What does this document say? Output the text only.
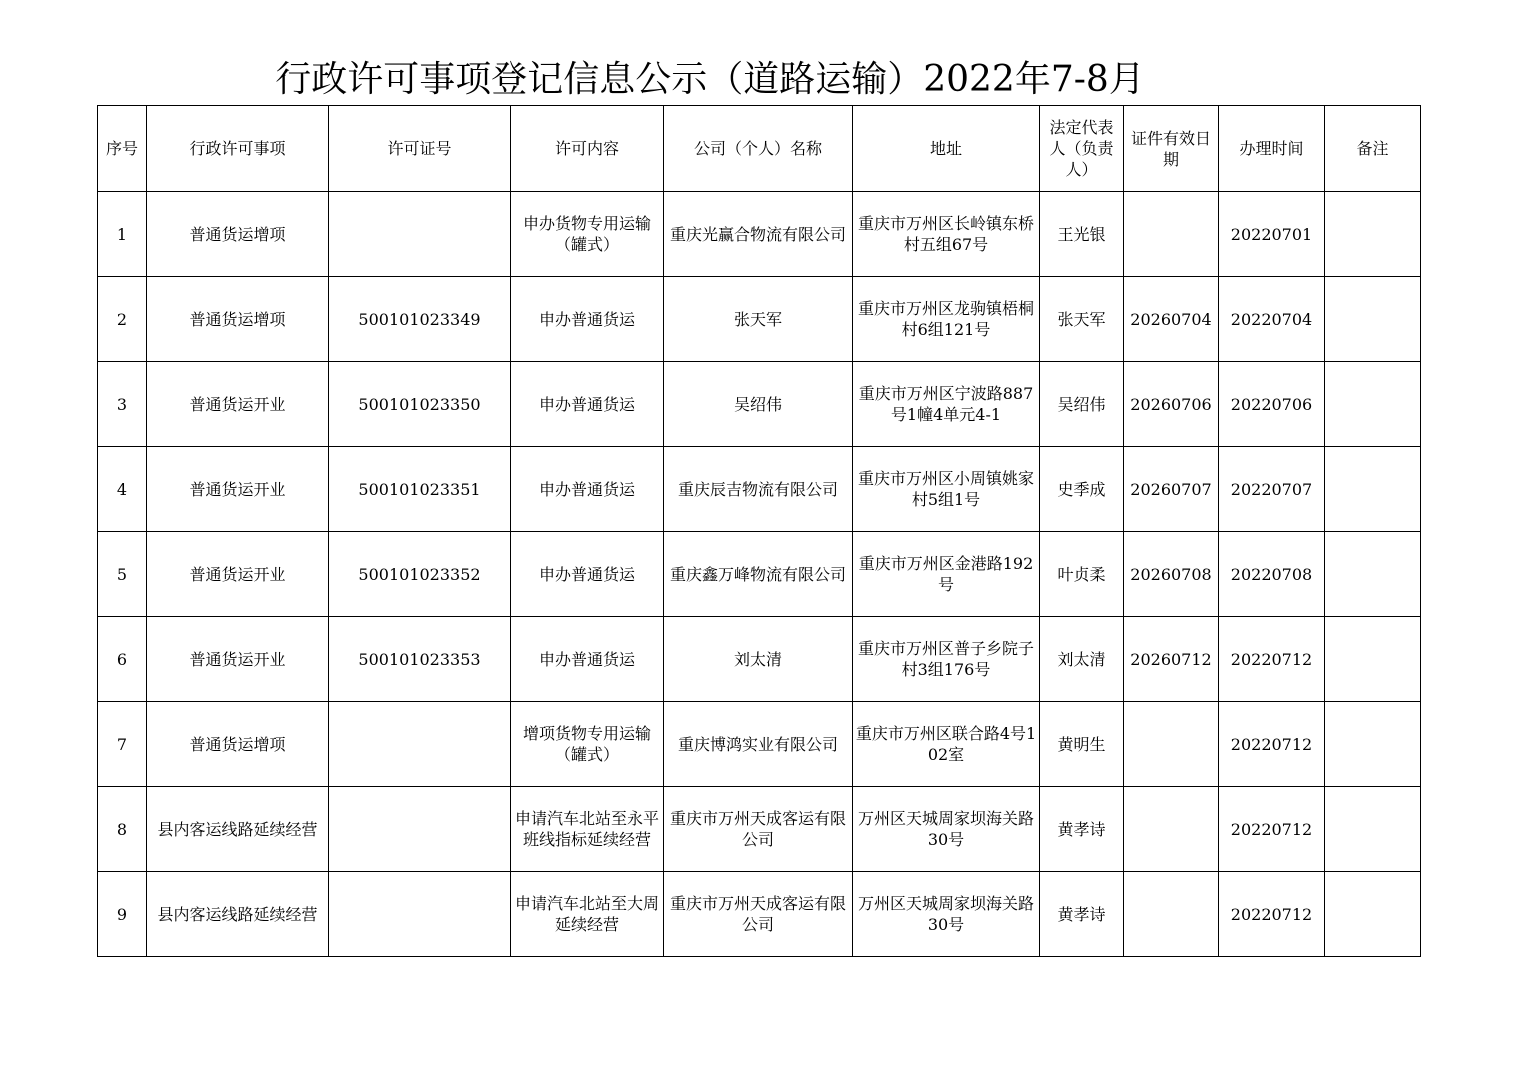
行政许可事项登记信息公示（道路运输）2022年7-8月
序号	行政许可事项	许可证号	许可内容	公司（个人）名称	地址	法定代表人（负责人）	证件有效日期	办理时间	备注
1	普通货运增项		申办货物专用运输（罐式）	重庆光赢合物流有限公司	重庆市万州区长岭镇东桥村五组67号	王光银		20220701	
2	普通货运增项	500101023349	申办普通货运	张天军	重庆市万州区龙驹镇梧桐村6组121号	张天军	20260704	20220704	
3	普通货运开业	500101023350	申办普通货运	吴绍伟	重庆市万州区宁波路887号1幢4单元4-1	吴绍伟	20260706	20220706	
4	普通货运开业	500101023351	申办普通货运	重庆辰吉物流有限公司	重庆市万州区小周镇姚家村5组1号	史季成	20260707	20220707	
5	普通货运开业	500101023352	申办普通货运	重庆鑫万峰物流有限公司	重庆市万州区金港路192号	叶贞柔	20260708	20220708	
6	普通货运开业	500101023353	申办普通货运	刘太清	重庆市万州区普子乡院子村3组176号	刘太清	20260712	20220712	
7	普通货运增项		增项货物专用运输（罐式）	重庆博鸿实业有限公司	重庆市万州区联合路4号102室	黄明生		20220712	
8	县内客运线路延续经营		申请汽车北站至永平班线指标延续经营	重庆市万州天成客运有限公司	万州区天城周家坝海关路30号	黄孝诗		20220712	
9	县内客运线路延续经营		申请汽车北站至大周延续经营	重庆市万州天成客运有限公司	万州区天城周家坝海关路30号	黄孝诗		20220712	
